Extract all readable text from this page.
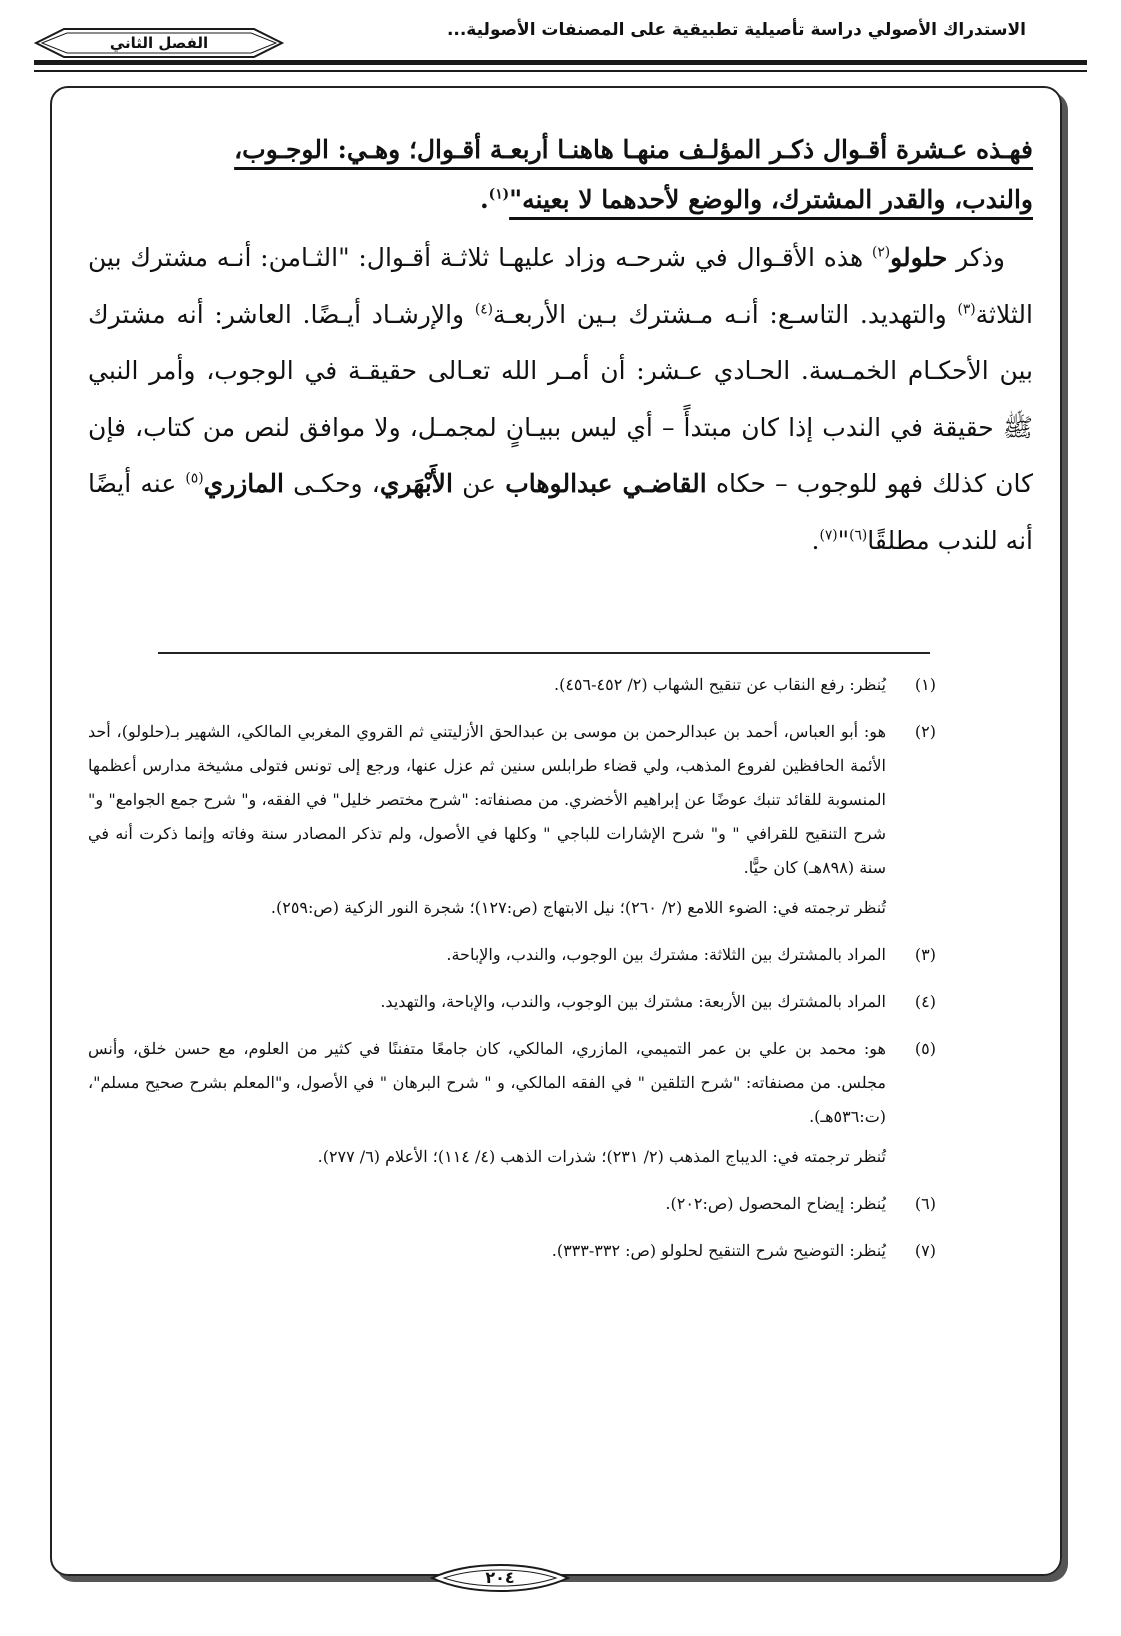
الاستدراك الأصولي دراسة تأصيلية تطبيقية على المصنفات الأصولية...
الفصل الثاني
فهـذه عـشرة أقـوال ذكـر المؤلـف منهـا هاهنـا أربعـة أقـوال؛ وهـي: الوجـوب،
والندب، والقدر المشترك، والوضع لأحدهما لا بعينه"$^{(١)}$.
وذكر حلولو$^{(٢)}$ هذه الأقـوال في شرحـه وزاد عليهـا ثلاثـة أقـوال: "الثـامن: أنـه مشترك بين الثلاثة$^{(٣)}$ والتهديد. التاسـع: أنـه مـشترك بـين الأربعـة$^{(٤)}$ والإرشـاد أيـضًا. العاشر: أنه مشترك بين الأحكـام الخمـسة. الحـادي عـشر: أن أمـر الله تعـالى حقيقـة في الوجوب، وأمر النبي ﷺ حقيقة في الندب إذا كان مبتدأً – أي ليس ببيـانٍ لمجمـل، ولا موافق لنص من كتاب، فإن كان كذلك فهو للوجوب – حكاه القاضـي عبدالوهاب عن الأَبْهَري، وحكـى المازري$^{(٥)}$ عنه أيضًا أنه للندب مطلقًا$^{(٦)}$"$^{(٧)}$.
(١)

يُنظر: رفع النقاب عن تنقيح الشهاب (٢/ ٤٥٢-٤٥٦).

(٢)

هو: أبو العباس، أحمد بن عبدالرحمن بن موسى بن عبدالحق الأزليتني ثم القروي المغربي المالكي، الشهير بـ(حلولو)، أحد الأئمة الحافظين لفروع المذهب، ولي قضاء طرابلس سنين ثم عزل عنها، ورجع إلى تونس فتولى مشيخة مدارس أعظمها المنسوبة للقائد تنبك عوضًا عن إبراهيم الأخضري. من مصنفاته: "شرح مختصر خليل" في الفقه، و" شرح جمع الجوامع" و" شرح التنقيح للقرافي " و" شرح الإشارات للباجي " وكلها في الأصول، ولم تذكر المصادر سنة وفاته وإنما ذكرت أنه في سنة (٨٩٨هـ) كان حيًّا.

تُنظر ترجمته في: الضوء اللامع (٢/ ٢٦٠)؛ نيل الابتهاج (ص:١٢٧)؛ شجرة النور الزكية (ص:٢٥٩).

(٣)

المراد بالمشترك بين الثلاثة: مشترك بين الوجوب، والندب، والإباحة.

(٤)

المراد بالمشترك بين الأربعة: مشترك بين الوجوب، والندب، والإباحة، والتهديد.

(٥)

هو: محمد بن علي بن عمر التميمي، المازري، المالكي، كان جامعًا متفننًا في كثير من العلوم، مع حسن خلق، وأنس مجلس. من مصنفاته: "شرح التلقين " في الفقه المالكي، و " شرح البرهان " في الأصول، و"المعلم بشرح صحيح مسلم"، (ت:٥٣٦هـ).

تُنظر ترجمته في: الديباج المذهب (٢/ ٢٣١)؛ شذرات الذهب (٤/ ١١٤)؛ الأعلام (٦/ ٢٧٧).

(٦)

يُنظر: إيضاح المحصول (ص:٢٠٢).

(٧)

يُنظر: التوضيح شرح التنقيح لحلولو (ص: ٣٣٢-٣٣٣).

٢٠٤
